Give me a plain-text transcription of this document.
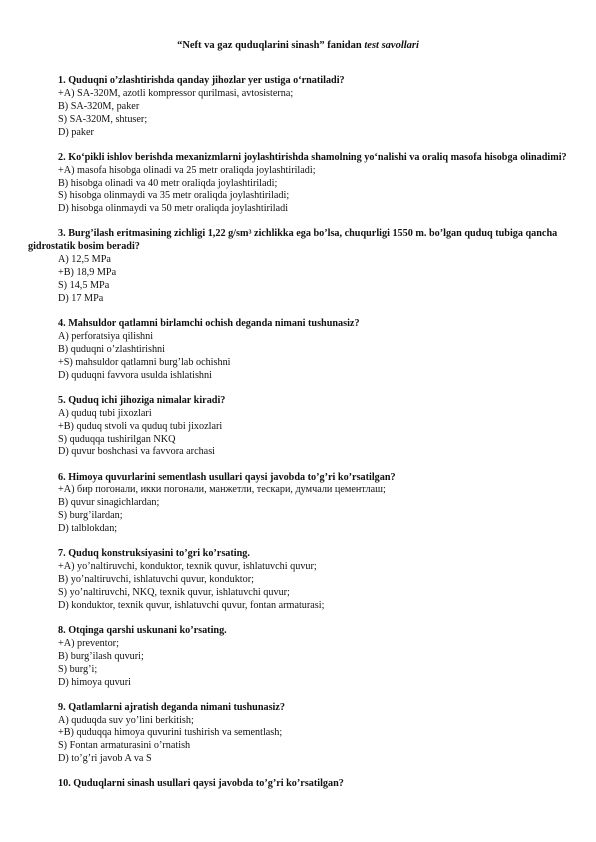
“Neft va gaz quduqlarini sinash” fanidan test savollari
1. Quduqni o’zlashtirishda qanday jihozlar yer ustiga o‘rnatiladi?
+A) SA-320M, azotli kompressor qurilmasi, avtosisterna;
B) SA-320M, paker
S) SA-320M, shtuser;
D) paker
2. Ko‘pikli ishlov berishda mexanizmlarni joylashtirishda shamolning yo‘nalishi va oraliq masofa hisobga olinadimi?
+A) masofa hisobga olinadi va 25 metr oraliqda joylashtiriladi;
B) hisobga olinadi va 40 metr oraliqda joylashtiriladi;
S) hisobga olinmaydi va 35 metr oraliqda joylashtiriladi;
D) hisobga olinmaydi va 50 metr oraliqda joylashtiriladi
3. Burg’ilash eritmasining zichligi 1,22 g/sm³ zichlikka ega bo’lsa, chuqurligi 1550 m. bo’lgan quduq tubiga qancha gidrostatik bosim beradi?
A) 12,5 MPa
+B) 18,9 MPa
S) 14,5 MPa
D) 17 MPa
4. Mahsuldor qatlamni birlamchi ochish deganda nimani tushunasiz?
A) perforatsiya qilishni
B) quduqni o’zlashtirishni
+S) mahsuldor qatlamni burg’lab ochishni
D) quduqni favvora usulda ishlatishni
5. Quduq ichi jihoziga nimalar kiradi?
A) quduq tubi jixozlari
+B) quduq stvoli va quduq tubi jixozlari
S) quduqqa tushirilgan NKQ
D) quvur boshchasi va favvora archasi
6. Himoya quvurlarini sementlash usullari qaysi javobda to’g’ri ko’rsatilgan?
+A) бир погонали, икки погонали, манжетли, тескари, думчали цементлаш;
B) quvur sinagichlardan;
S) burg’ilardan;
D) talblokdan;
7. Quduq konstruksiyasini to’gri ko’rsating.
+A) yo’naltiruvchi, konduktor, texnik quvur, ishlatuvchi quvur;
B) yo’naltiruvchi, ishlatuvchi quvur, konduktor;
S) yo’naltiruvchi, NKQ, texnik quvur, ishlatuvchi quvur;
D) konduktor, texnik quvur, ishlatuvchi quvur, fontan armaturasi;
8. Otqinga qarshi uskunani ko’rsating.
+A) preventor;
B) burg’ilash quvuri;
S) burg’i;
D) himoya quvuri
9. Qatlamlarni ajratish deganda nimani tushunasiz?
A) quduqda suv yo’lini berkitish;
+B) quduqqa himoya quvurini tushirish va sementlash;
S) Fontan armaturasini o’rnatish
D) to’g’ri javob A va S
10. Quduqlarni sinash usullari qaysi javobda to’g’ri ko’rsatilgan?
